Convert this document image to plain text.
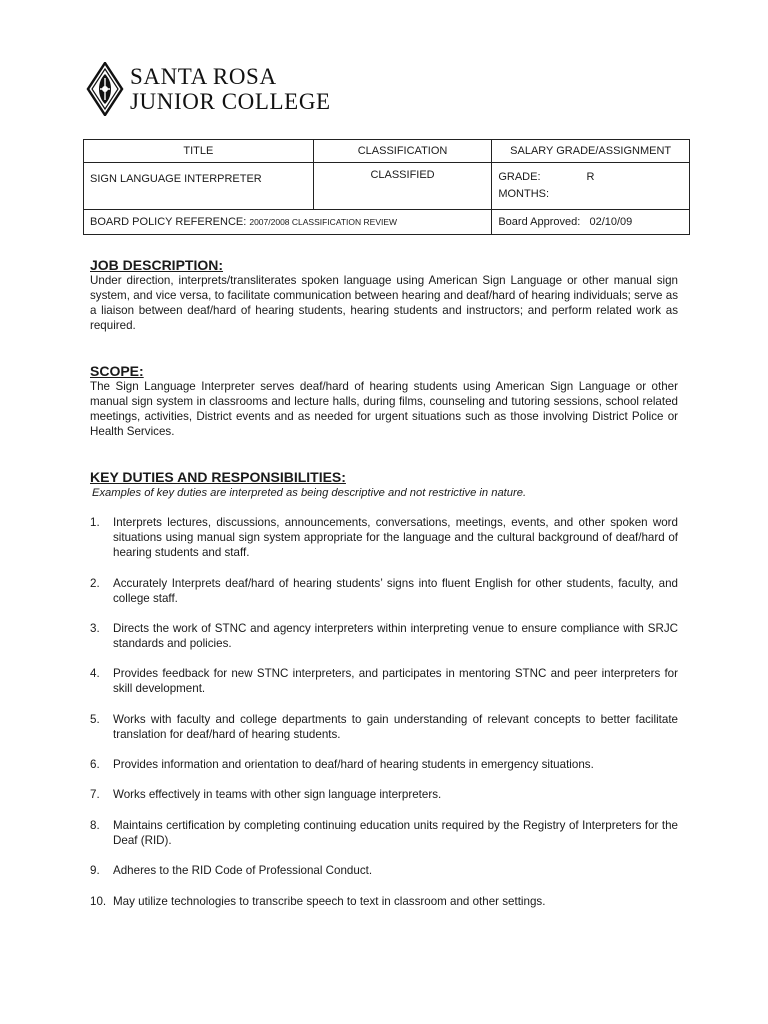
SANTA ROSA
JUNIOR COLLEGE
TITLE	CLASSIFICATION	SALARY GRADE/ASSIGNMENT
SIGN LANGUAGE INTERPRETER	CLASSIFIED	GRADE: R
MONTHS:

BOARD POLICY REFERENCE: 2007/2008 CLASSIFICATION REVIEW		Board Approved: 02/10/09
JOB DESCRIPTION:

Under direction, interprets/transliterates spoken language using American Sign Language or other manual sign system, and vice versa, to facilitate communication between hearing and deaf/hard of hearing individuals; serve as a liaison between deaf/hard of hearing students, hearing students and instructors; and perform related work as required.

SCOPE:

The Sign Language Interpreter serves deaf/hard of hearing students using American Sign Language or other manual sign system in classrooms and lecture halls, during films, counseling and tutoring sessions, school related meetings, activities, District events and as needed for urgent situations such as those involving District Police or Health Services.

KEY DUTIES AND RESPONSIBILITIES:
Examples of key duties are interpreted as being descriptive and not restrictive in nature.
1. Interprets lectures, discussions, announcements, conversations, meetings, events, and other spoken word situations using manual sign system appropriate for the language and the cultural background of deaf/hard of hearing students and staff.
2. Accurately Interprets deaf/hard of hearing students’ signs into fluent English for other students, faculty, and college staff.
3. Directs the work of STNC and agency interpreters within interpreting venue to ensure compliance with SRJC standards and policies.
4. Provides feedback for new STNC interpreters, and participates in mentoring STNC and peer interpreters for skill development.
5. Works with faculty and college departments to gain understanding of relevant concepts to better facilitate translation for deaf/hard of hearing students.
6. Provides information and orientation to deaf/hard of hearing students in emergency situations.
7. Works effectively in teams with other sign language interpreters.
8. Maintains certification by completing continuing education units required by the Registry of Interpreters for the Deaf (RID).
9. Adheres to the RID Code of Professional Conduct.
10. May utilize technologies to transcribe speech to text in classroom and other settings.
